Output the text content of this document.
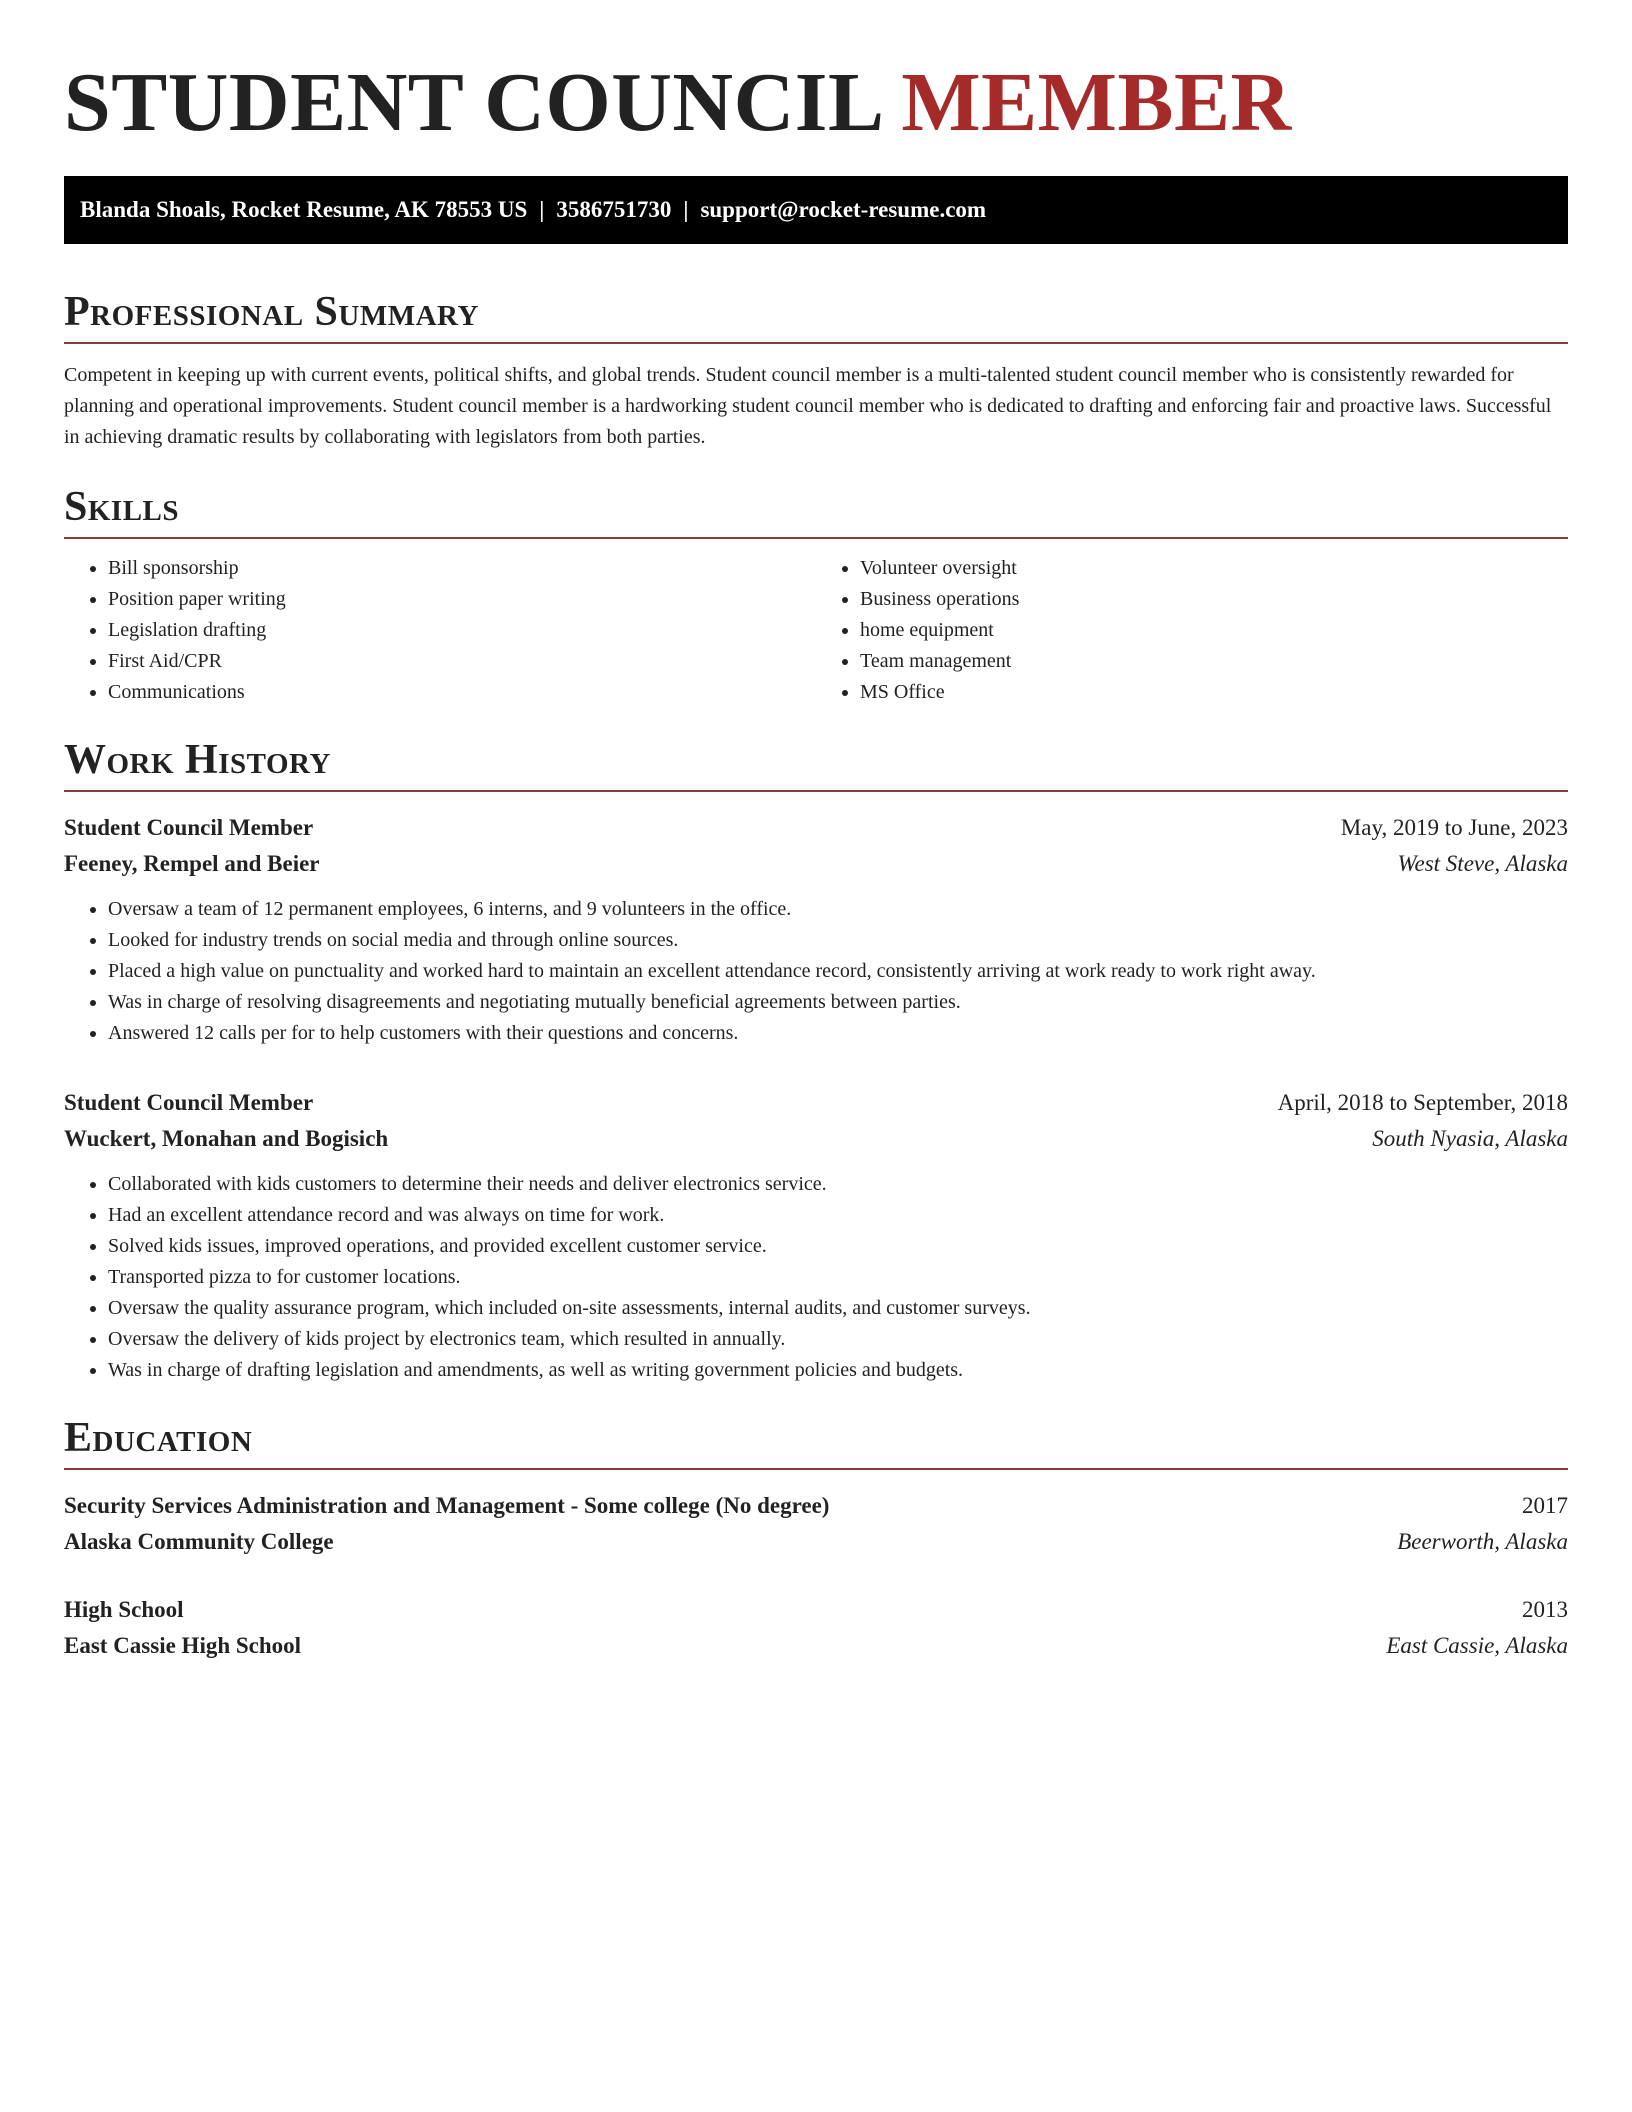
STUDENT COUNCIL MEMBER
Blanda Shoals, Rocket Resume, AK 78553 US | 3586751730 | support@rocket-resume.com
Professional Summary
Competent in keeping up with current events, political shifts, and global trends. Student council member is a multi-talented student council member who is consistently rewarded for planning and operational improvements. Student council member is a hardworking student council member who is dedicated to drafting and enforcing fair and proactive laws. Successful in achieving dramatic results by collaborating with legislators from both parties.
Skills
• Bill sponsorship
• Position paper writing
• Legislation drafting
• First Aid/CPR
• Communications
• Volunteer oversight
• Business operations
• home equipment
• Team management
• MS Office
Work History
Student Council Member	May, 2019 to June, 2023
Feeney, Rempel and Beier	West Steve, Alaska
• Oversaw a team of 12 permanent employees, 6 interns, and 9 volunteers in the office.
• Looked for industry trends on social media and through online sources.
• Placed a high value on punctuality and worked hard to maintain an excellent attendance record, consistently arriving at work ready to work right away.
• Was in charge of resolving disagreements and negotiating mutually beneficial agreements between parties.
• Answered 12 calls per for to help customers with their questions and concerns.
Student Council Member	April, 2018 to September, 2018
Wuckert, Monahan and Bogisich	South Nyasia, Alaska
• Collaborated with kids customers to determine their needs and deliver electronics service.
• Had an excellent attendance record and was always on time for work.
• Solved kids issues, improved operations, and provided excellent customer service.
• Transported pizza to for customer locations.
• Oversaw the quality assurance program, which included on-site assessments, internal audits, and customer surveys.
• Oversaw the delivery of kids project by electronics team, which resulted in annually.
• Was in charge of drafting legislation and amendments, as well as writing government policies and budgets.
Education
Security Services Administration and Management - Some college (No degree)	2017
Alaska Community College	Beerworth, Alaska
High School	2013
East Cassie High School	East Cassie, Alaska
